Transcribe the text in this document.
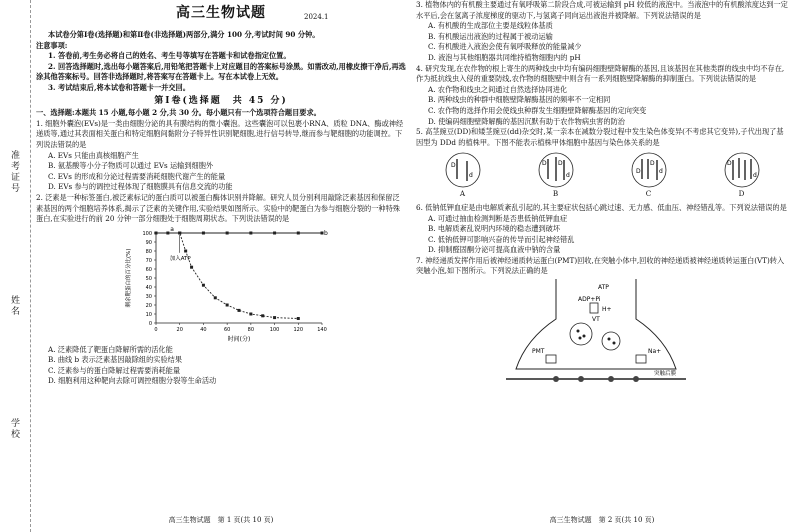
准考证号
姓名
学校
高三生物试题	2024.1

本试卷分第Ⅰ卷(选择题)和第Ⅱ卷(非选择题)两部分,满分 100 分,考试时间 90 分钟。

注意事项:

1. 答卷前,考生务必将自己的姓名、考生号等填写在答题卡和试卷指定位置。

2. 回答选择题时,选出每小题答案后,用铅笔把答题卡上对应题目的答案标号涂黑。如需改动,用橡皮擦干净后,再选涂其他答案标号。回答非选择题时,将答案写在答题卡上。写在本试卷上无效。

3. 考试结束后,将本试卷和答题卡一并交回。

第Ⅰ卷(选择题　共 45 分)

一、选择题:本题共 15 小题,每小题 2 分,共 30 分。每小题只有一个选项符合题目要求。

1. 细胞外囊泡(EVs)是一类由细胞分泌的具有膜结构的微小囊泡。这些囊泡可以包裹小RNA、质粒 DNA、酶或神经递质等,通过其表面相关蛋白和特定细胞间黏附分子特异性识别靶细胞,进行信号转导,继而参与靶细胞的功能调控。下列说法错误的是

A. EVs 只能由真核细胞产生

B. 氨基酸等小分子物质可以通过 EVs 运输到细胞外

C. EVs 的形成和分泌过程需要消耗细胞代谢产生的能量

D. EVs 参与的调控过程体现了细胞膜具有信息交流的功能

2. 泛素是一种标签蛋白,被泛素标记的蛋白质可以被蛋白酶体识别并降解。研究人员分别利用敲除泛素基因和保留泛素基因的两个细胞培养体系,揭示了泛素的关键作用,实验结果如图所示。实验中的靶蛋白为参与细胞分裂的一种特殊蛋白,在实验进行的前 20 分钟一部分细胞处于细胞周期状态。下列说法错误的是

0
10
20
30
40
50
60
70
80
90
100
0	20	40	60	80	100	120	140
时间(分)
剩余靶蛋白的百分比(%)	加入ATP
a
b

A. 泛素降低了靶蛋白降解所需的活化能

B. 曲线 b 表示泛素基因敲除组的实验结果

C. 泛素参与的蛋白降解过程需要消耗能量

D. 细胞利用这种靶向去除可调控细胞分裂等生命活动

高三生物试题　第 1 页(共 10 页)

3. 植物体内的有机酸主要通过有氧呼吸第二阶段合成,可被运输到 pH 较低的液泡中。当液泡中的有机酸浓度达到一定水平后,会在氢离子浓度梯度的驱动下,与氢离子同向运出液泡并被降解。下列说法错误的是

A. 有机酸的生成部位主要是线粒体基质

B. 有机酸运出液泡的过程属于被动运输

C. 有机酸进入液泡会使有氧呼吸释放的能量减少

D. 液泡与其他细胞器共同维持植物细胞内的 pH

4. 研究发现,在农作物的根上寄生的两种线虫中均有编码细胞壁降解酶的基因,且该基因在其他类群的线虫中均不存在,作为抵抗线虫入侵的重要防线,农作物的细胞壁中则含有一系列细胞壁降解酶的抑制蛋白。下列说法错误的是

A. 农作物和线虫之间通过自然选择协同进化

B. 两种线虫的种群中细胞壁降解酶基因的频率不一定相同

C. 农作物的选择作用会使线虫种群发生细胞壁降解酶基因的定向突变

D. 使编码细胞壁降解酶的基因沉默有助于农作物病虫害的防治

5. 高茎豌豆(DD)和矮茎豌豆(dd)杂交时,某一亲本在减数分裂过程中发生染色体变异(不考虑其它变异),子代出现了基因型为 DDd 的植株甲。下图不能表示植株甲体细胞中基因与染色体关系的是

D
d
A
D D
d
B
D
D
d
C
D
d
D

6. 低钠低钾血症是由电解质紊乱引起的,其主要症状包括心跳过速、无力感、低血压、神经错乱等。下列说法错误的是

A. 可通过抽血检测判断是否患低钠低钾血症

B. 电解质紊乱说明内环境的稳态遭到破坏

C. 低钠低钾可影响兴奋的传导而引起神经错乱

D. 抑制醛固酮分泌可提高血液中钠的含量

7. 神经递质发挥作用后被神经递质转运蛋白(PMT)回收,在突触小体中,回收的神经递质被神经递质转运蛋白(VT)转入突触小泡,如下图所示。下列说法正确的是

ATP
ADP+Pi
H+
VT
PMT	Na+
突触后膜
高三生物试题　第 2 页(共 10 页)
